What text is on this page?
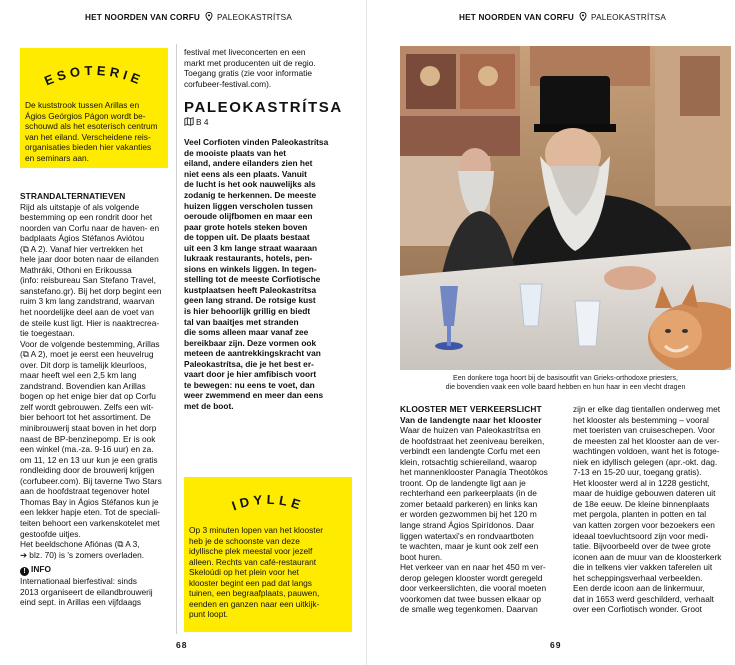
HET NOORDEN VAN CORFU PALEOKASTRÍTSA
ESOTERIE
De kuststrook tussen Arillas en
Ágios Geórgios Págon wordt be-
schouwd als het esoterisch centrum
van het eiland. Verscheidene reis-
organisaties bieden hier vakanties
en seminars aan.

STRANDALTERNATIEVEN

Rijd als uitstapje of als volgende
bestemming op een rondrit door het
noorden van Corfu naar de haven- en
badplaats Ágios Stéfanos Aviótou
(⧉ A 2). Vanaf hier vertrekken het
hele jaar door boten naar de eilanden
Mathráki, Othoni en Erikoussa
(info: reisbureau San Stefano Travel,
sanstefano.gr). Bij het dorp begint een
ruim 3 km lang zandstrand, waarvan
het noordelijke deel aan de voet van
de steile kust ligt. Hier is naaktrecrea-
tie toegestaan.
Voor de volgende bestemming, Arillas
(⧉ A 2), moet je eerst een heuvelrug
over. Dit dorp is tamelijk kleurloos,
maar heeft wel een 2,5 km lang
zandstrand. Bovendien kan Arillas
bogen op het enige bier dat op Corfu
zelf wordt gebrouwen. Zelfs een wit-
bier behoort tot het assortiment. De
minibrouwerij staat boven in het dorp
naast de BP-benzinepomp. Er is ook
een winkel (ma.-za. 9-16 uur) en za.
om 11, 12 en 13 uur kun je een gratis
rondleiding door de brouwerij krijgen
(corfubeer.com). Bij taverne Two Stars
aan de hoofdstraat tegenover hotel
Thomas Bay in Ágios Stéfanos kun je
een lekker hapje eten. Tot de speciali-
teiten behoort een varkenskotelet met
gestoofde uitjes.
Het beeldschone Afiónas (⧉ A 3,
➔ blz. 70) is 's zomers overladen.

! INFO

Internationaal bierfestival: sinds
2013 organiseert de eilandbrouwerij
eind sept. in Arillas een vijfdaags
festival met liveconcerten en een
markt met producenten uit de regio.
Toegang gratis (zie voor informatie
corfubeer-festival.com).

PALEOKASTRÍTSA

B 4

Veel Corfioten vinden Paleokastrítsa
de mooiste plaats van het
eiland, andere eilanders zien het
niet eens als een plaats. Vanuit
de lucht is het ook nauwelijks als
zodanig te herkennen. De meeste
huizen liggen verscholen tussen
oeroude olijfbomen en maar een
paar grote hotels steken boven
de toppen uit. De plaats bestaat
uit een 3 km lange straat waaraan
lukraak restaurants, hotels, pen-
sions en winkels liggen. In tegen-
stelling tot de meeste Corfiotische
kustplaatsen heeft Paleokastrítsa
geen lang strand. De rotsige kust
is hier behoorlijk grillig en biedt
tal van baaitjes met stranden
die soms alleen maar vanaf zee
bereikbaar zijn. Deze vormen ook
meteen de aantrekkingskracht van
Paleokastrítsa, die je het best er-
vaart door je hier amfibisch voort
te bewegen: nu eens te voet, dan
weer zwemmend en meer dan eens
met de boot.
IDYLLE
Op 3 minuten lopen van het klooster
heb je de schoonste van deze
idyllische plek meestal voor jezelf
alleen. Rechts van café-restaurant
Skeloúdi op het plein voor het
klooster begint een pad dat langs
tuinen, een begraafplaats, pauwen,
eenden en ganzen naar een uitkijk-
punt loopt.
68
HET NOORDEN VAN CORFU PALEOKASTRÍTSA
Een donkere toga hoort bij de basisoutfit van Grieks-orthodoxe priesters,
die bovendien vaak een volle baard hebben en hun haar in een vlecht dragen

KLOOSTER MET VERKEERSLICHT

Van de landengte naar het klooster

Waar de huizen van Paleokastrítsa en
de hoofdstraat het zeeniveau bereiken,
verbindt een landengte Corfu met een
klein, rotsachtig schiereiland, waarop
het mannenklooster Panagía Theotókos
troont. Op de landengte ligt aan je
rechterhand een parkeerplaats (in de
zomer betaald parkeren) en links kan
er worden gezwommen bij het 120 m
lange strand Ágios Spirídonos. Daar
liggen watertaxi's en rondvaartboten
te wachten, maar je kunt ook zelf een
boot huren.
Het verkeer van en naar het 450 m ver-
derop gelegen klooster wordt geregeld
door verkeerslichten, die vooral moeten
voorkomen dat twee bussen elkaar op
de smalle weg tegenkomen. Daarvan
zijn er elke dag tientallen onderweg met
het klooster als bestemming – vooral
met toeristen van cruiseschepen. Voor
de meesten zal het klooster aan de ver-
wachtingen voldoen, want het is fotoge-
niek en idyllisch gelegen (apr.-okt. dag.
7-13 en 15-20 uur, toegang gratis).
Het klooster werd al in 1228 gesticht,
maar de huidige gebouwen dateren uit
de 18e eeuw. De kleine binnenplaats
met pergola, planten in potten en tal
van katten zorgen voor bezoekers een
ideaal toevluchtsoord zijn voor medi-
tatie. Bijvoorbeeld over de twee grote
iconen aan de muur van de kloosterkerk
die in telkens vier vakken taferelen uit
het scheppingsverhaal verbeelden.
Een derde icoon aan de linkermuur,
dat in 1653 werd geschilderd, verhaalt
over een Corfiotisch wonder. Groot
69
